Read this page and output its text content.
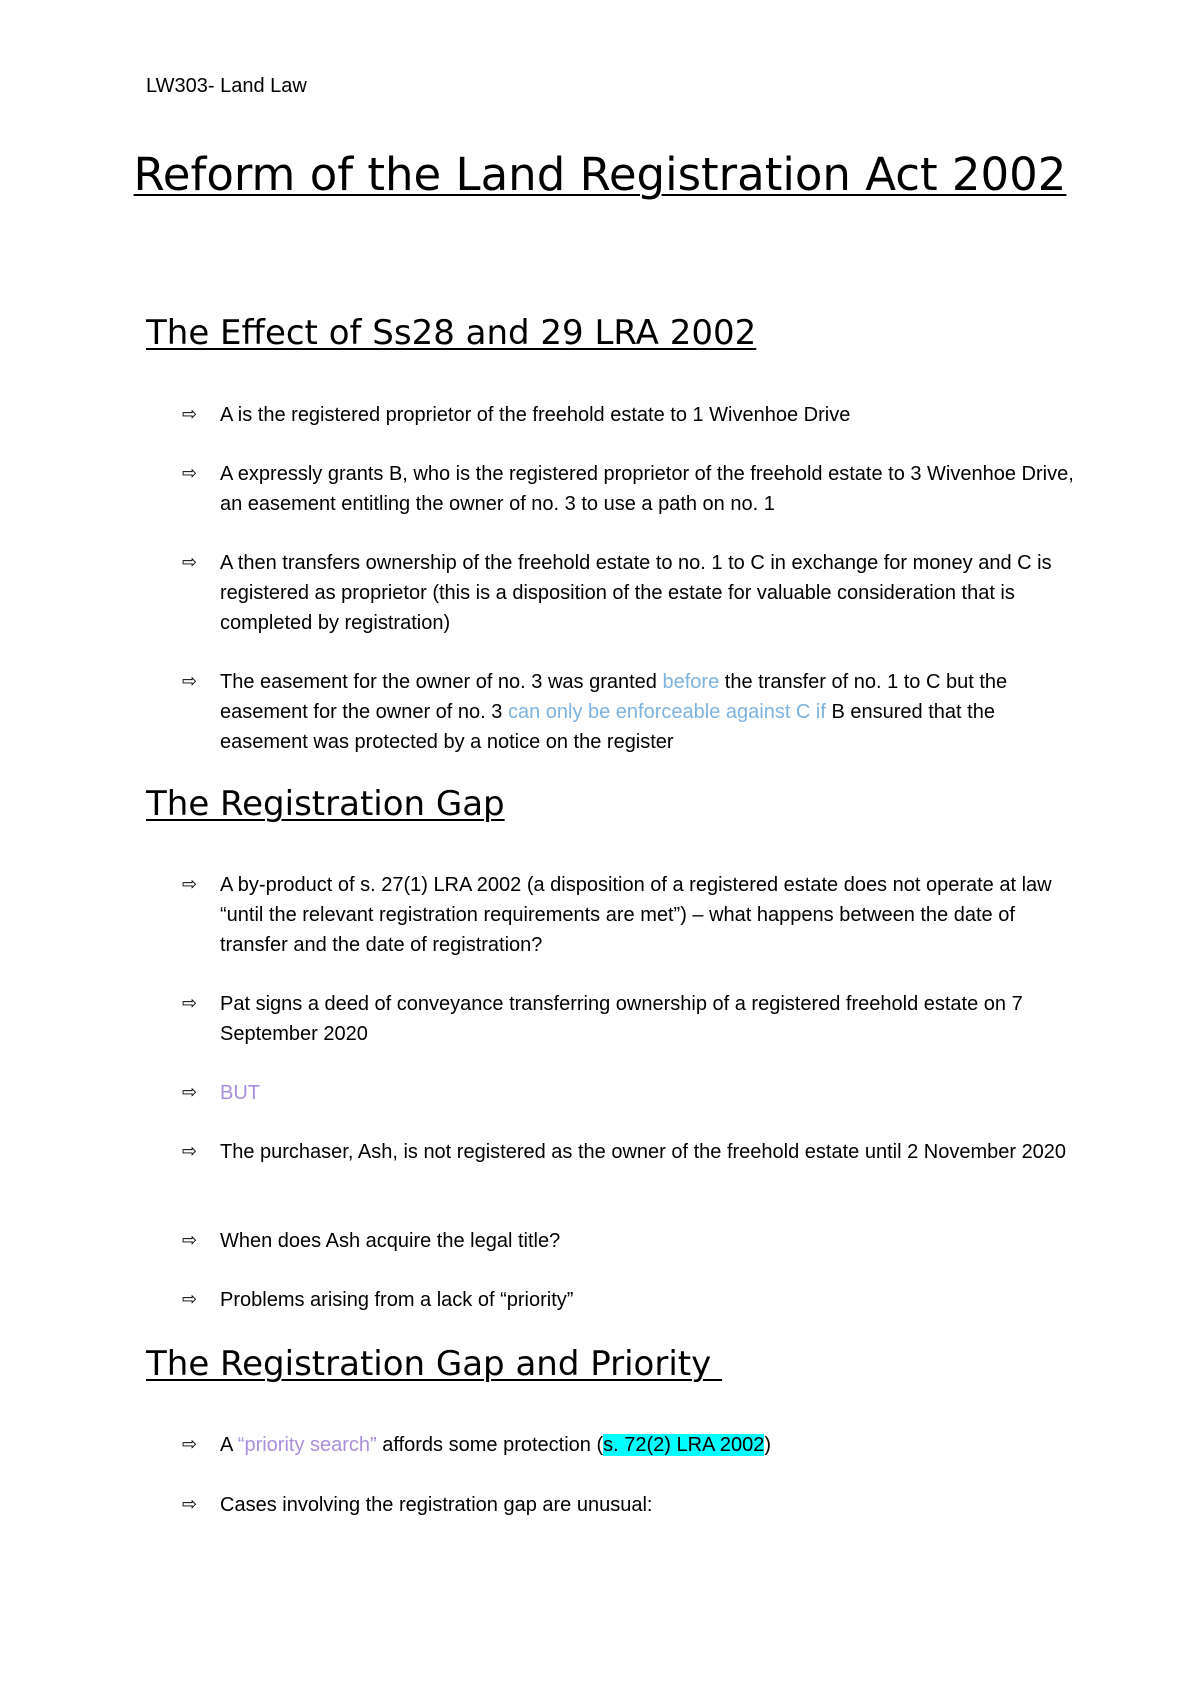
LW303- Land Law
Reform of the Land Registration Act 2002
The Effect of Ss28 and 29 LRA 2002
⇨	A is the registered proprietor of the freehold estate to 1 Wivenhoe Drive
⇨	A expressly grants B, who is the registered proprietor of the freehold estate to 3 Wivenhoe Drive, an easement entitling the owner of no. 3 to use a path on no. 1
⇨	A then transfers ownership of the freehold estate to no. 1 to C in exchange for money and C is registered as proprietor (this is a disposition of the estate for valuable consideration that is completed by registration)
⇨	The easement for the owner of no. 3 was granted before the transfer of no. 1 to C but the easement for the owner of no. 3 can only be enforceable against C if B ensured that the easement was protected by a notice on the register
The Registration Gap
⇨	A by-product of s. 27(1) LRA 2002 (a disposition of a registered estate does not operate at law “until the relevant registration requirements are met”) – what happens between the date of transfer and the date of registration?
⇨	Pat signs a deed of conveyance transferring ownership of a registered freehold estate on 7 September 2020
⇨	BUT
⇨	The purchaser, Ash, is not registered as the owner of the freehold estate until 2 November 2020
⇨	When does Ash acquire the legal title?
⇨	Problems arising from a lack of “priority”
The Registration Gap and Priority
⇨	A “priority search” affords some protection (s. 72(2) LRA 2002)
⇨	Cases involving the registration gap are unusual:
